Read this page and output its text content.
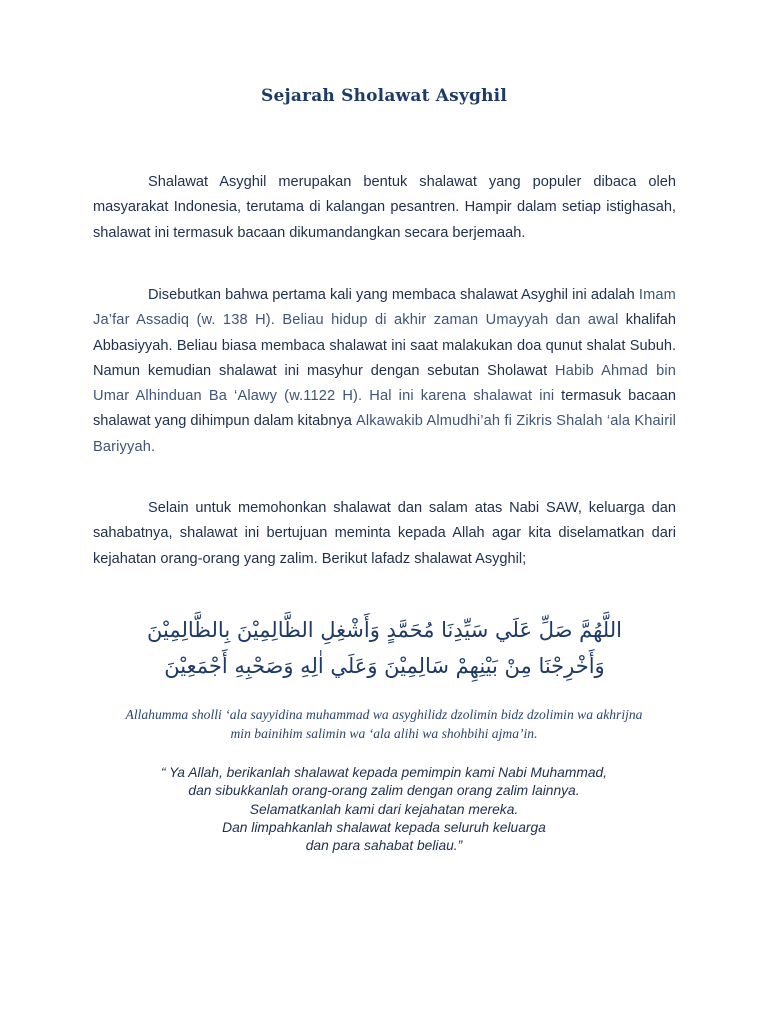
Sejarah Sholawat Asyghil

Shalawat Asyghil merupakan bentuk shalawat yang populer dibaca oleh masyarakat Indonesia, terutama di kalangan pesantren. Hampir dalam setiap istighasah, shalawat ini termasuk bacaan dikumandangkan secara berjemaah.

Disebutkan bahwa pertama kali yang membaca shalawat Asyghil ini adalah Imam Ja’far Assadiq (w. 138 H). Beliau hidup di akhir zaman Umayyah dan awal khalifah Abbasiyyah. Beliau biasa membaca shalawat ini saat malakukan doa qunut shalat Subuh. Namun kemudian shalawat ini masyhur dengan sebutan Sholawat Habib Ahmad bin Umar Alhinduan Ba ‘Alawy (w.1122 H). Hal ini karena shalawat ini termasuk bacaan shalawat yang dihimpun dalam kitabnya Alkawakib Almudhi’ah fi Zikris Shalah ‘ala Khairil Bariyyah.

Selain untuk memohonkan shalawat dan salam atas Nabi SAW, keluarga dan sahabatnya, shalawat ini bertujuan meminta kepada Allah agar kita diselamatkan dari kejahatan orang-orang yang zalim. Berikut lafadz shalawat Asyghil;

اللَّهُمَّ صَلِّ عَلَي سَيِّدِنَا مُحَمَّدٍ وَأَشْغِلِ الظَّالِمِيْنَ بِالظَّالِمِيْنَ

وَأَخْرِجْنَا مِنْ بَيْنِهِمْ سَالِمِيْنَ وَعَلَي اٰلِهِ وَصَحْبِهِ أَجْمَعِيْنَ

Allahumma sholli ‘ala sayyidina muhammad wa asyghilidz dzolimin bidz dzolimin wa akhrijna min bainihim salimin wa ‘ala alihi wa shohbihi ajma’in.

“ Ya Allah, berikanlah shalawat kepada pemimpin kami Nabi Muhammad,
dan sibukkanlah orang-orang zalim dengan orang zalim lainnya.
Selamatkanlah kami dari kejahatan mereka.
Dan limpahkanlah shalawat kepada seluruh keluarga
dan para sahabat beliau.”
